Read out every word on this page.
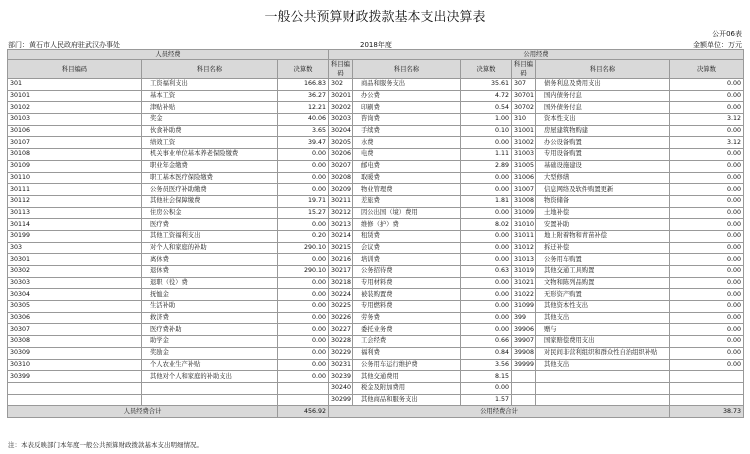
一般公共预算财政拨款基本支出决算表
公开06表
部门：黄石市人民政府驻武汉办事处	2018年度	金额单位：万元
人员经费			公用经费					
科目编码	科目名称	决算数	科目编码	科目名称	决算数	科目编码	科目名称	决算数
301	工资福利支出	166.83	302	商品和服务支出	35.61	307	债务利息及费用支出	0.00
30101	基本工资	36.27	30201	办公费	4.72	30701	国内债务付息	0.00
30102	津贴补贴	12.21	30202	印刷费	0.54	30702	国外债务付息	0.00
30103	奖金	40.06	30203	咨询费	1.00	310	资本性支出	3.12
30106	伙食补助费	3.65	30204	手续费	0.10	31001	房屋建筑物购建	0.00
30107	绩效工资	39.47	30205	水费	0.00	31002	办公设备购置	3.12
30108	机关事业单位基本养老保险缴费	0.00	30206	电费	1.11	31003	专用设备购置	0.00
30109	职业年金缴费	0.00	30207	邮电费	2.89	31005	基础设施建设	0.00
30110	职工基本医疗保险缴费	0.00	30208	取暖费	0.00	31006	大型修缮	0.00
30111	公务员医疗补助缴费	0.00	30209	物业管理费	0.00	31007	信息网络及软件购置更新	0.00
30112	其他社会保障缴费	19.71	30211	差旅费	1.81	31008	物资储备	0.00
30113	住房公积金	15.27	30212	因公出国（境）费用	0.00	31009	土地补偿	0.00
30114	医疗费	0.00	30213	维修（护）费	8.02	31010	安置补助	0.00
30199	其他工资福利支出	0.20	30214	租赁费	0.00	31011	地上附着物和青苗补偿	0.00
303	对个人和家庭的补助	290.10	30215	会议费	0.00	31012	拆迁补偿	0.00
30301	离休费	0.00	30216	培训费	0.00	31013	公务用车购置	0.00
30302	退休费	290.10	30217	公务招待费	0.63	31019	其他交通工具购置	0.00
30303	退职（役）费	0.00	30218	专用材料费	0.00	31021	文物和陈列品购置	0.00
30304	抚恤金	0.00	30224	被装购置费	0.00	31022	无形资产购置	0.00
30305	生活补助	0.00	30225	专用燃料费	0.00	31099	其他资本性支出	0.00
30306	救济费	0.00	30226	劳务费	0.00	399	其他支出	0.00
30307	医疗费补助	0.00	30227	委托业务费	0.00	39906	赠与	0.00
30308	助学金	0.00	30228	工会经费	0.66	39907	国家赔偿费用支出	0.00
30309	奖励金	0.00	30229	福利费	0.84	39908	对民间非营利组织和群众性自治组织补贴	0.00
30310	个人农业生产补贴	0.00	30231	公务用车运行维护费	3.56	39999	其他支出	0.00
30399	其他对个人和家庭的补助支出	0.00	30239	其他交通费用	8.15			
			30240	税金及附加费用	0.00			
			30299	其他商品和服务支出	1.57			
人员经费合计		456.92	公用经费合计					38.73
注：本表反映部门本年度一般公共预算财政拨款基本支出明细情况。
